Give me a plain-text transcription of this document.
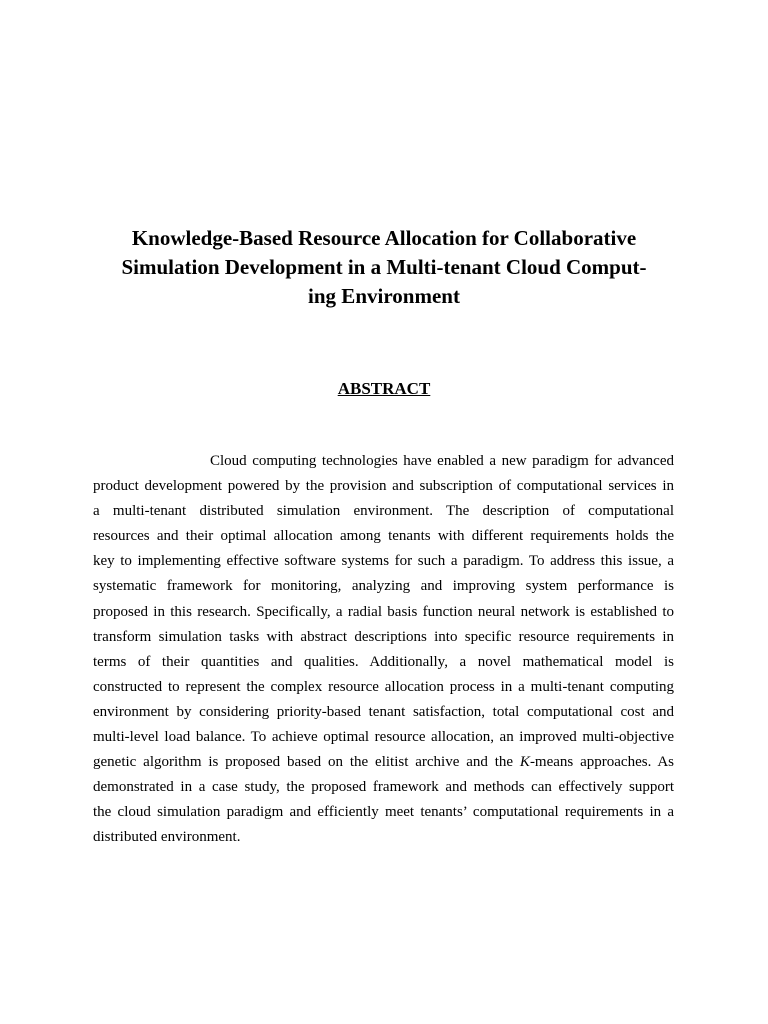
Knowledge-Based Resource Allocation for Collaborative
Simulation Development in a Multi-tenant Cloud Comput-
ing Environment
ABSTRACT
Cloud computing technologies have enabled a new paradigm for advanced
product development powered by the provision and subscription of computational services in
a multi-tenant distributed simulation environment. The description of computational
resources and their optimal allocation among tenants with different requirements holds the
key to implementing effective software systems for such a paradigm. To address this issue, a
systematic framework for monitoring, analyzing and improving system performance is
proposed in this research. Specifically, a radial basis function neural network is established to
transform simulation tasks with abstract descriptions into specific resource requirements in
terms of their quantities and qualities. Additionally, a novel mathematical model is
constructed to represent the complex resource allocation process in a multi-tenant computing
environment by considering priority-based tenant satisfaction, total computational cost and
multi-level load balance. To achieve optimal resource allocation, an improved multi-objective
genetic algorithm is proposed based on the elitist archive and the K-means approaches. As
demonstrated in a case study, the proposed framework and methods can effectively support
the cloud simulation paradigm and efficiently meet tenants’ computational requirements in a
distributed environment.
